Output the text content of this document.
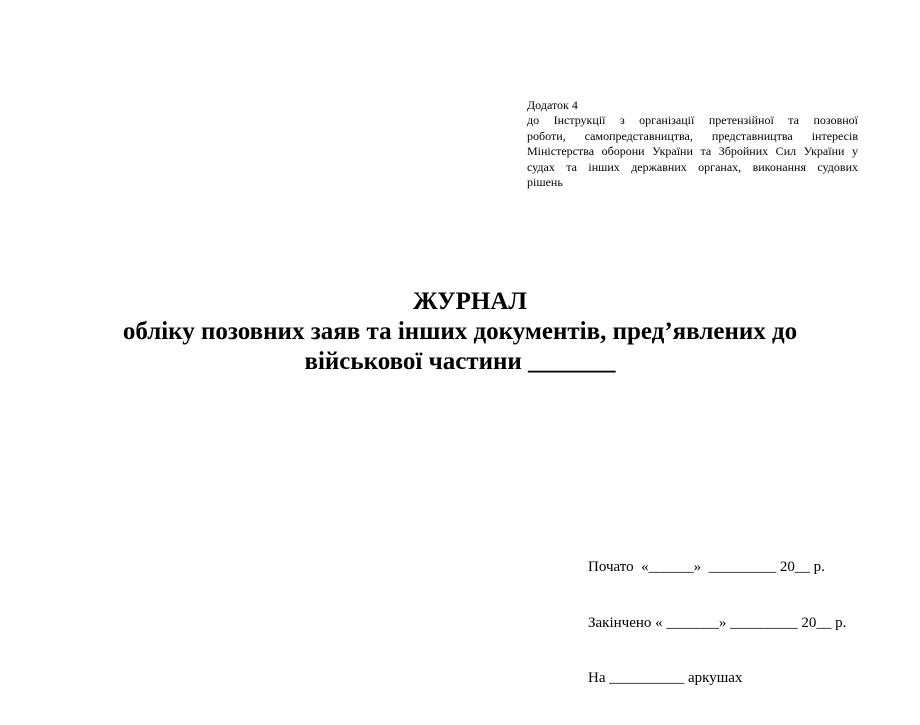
Додаток 4
до Інструкції з організації претензійної та позовної
роботи, самопредставництва, представництва інтересів
Міністерства оборони України та Збройних Сил України у
судах та інших державних органах, виконання судових
рішень
ЖУРНАЛ
обліку позовних заяв та інших документів, пред’явлених до
військової частини _______

Почато  «______»  _________ 20__ р.

Закінчено « _______» _________ 20__ р.

На __________ аркушах
